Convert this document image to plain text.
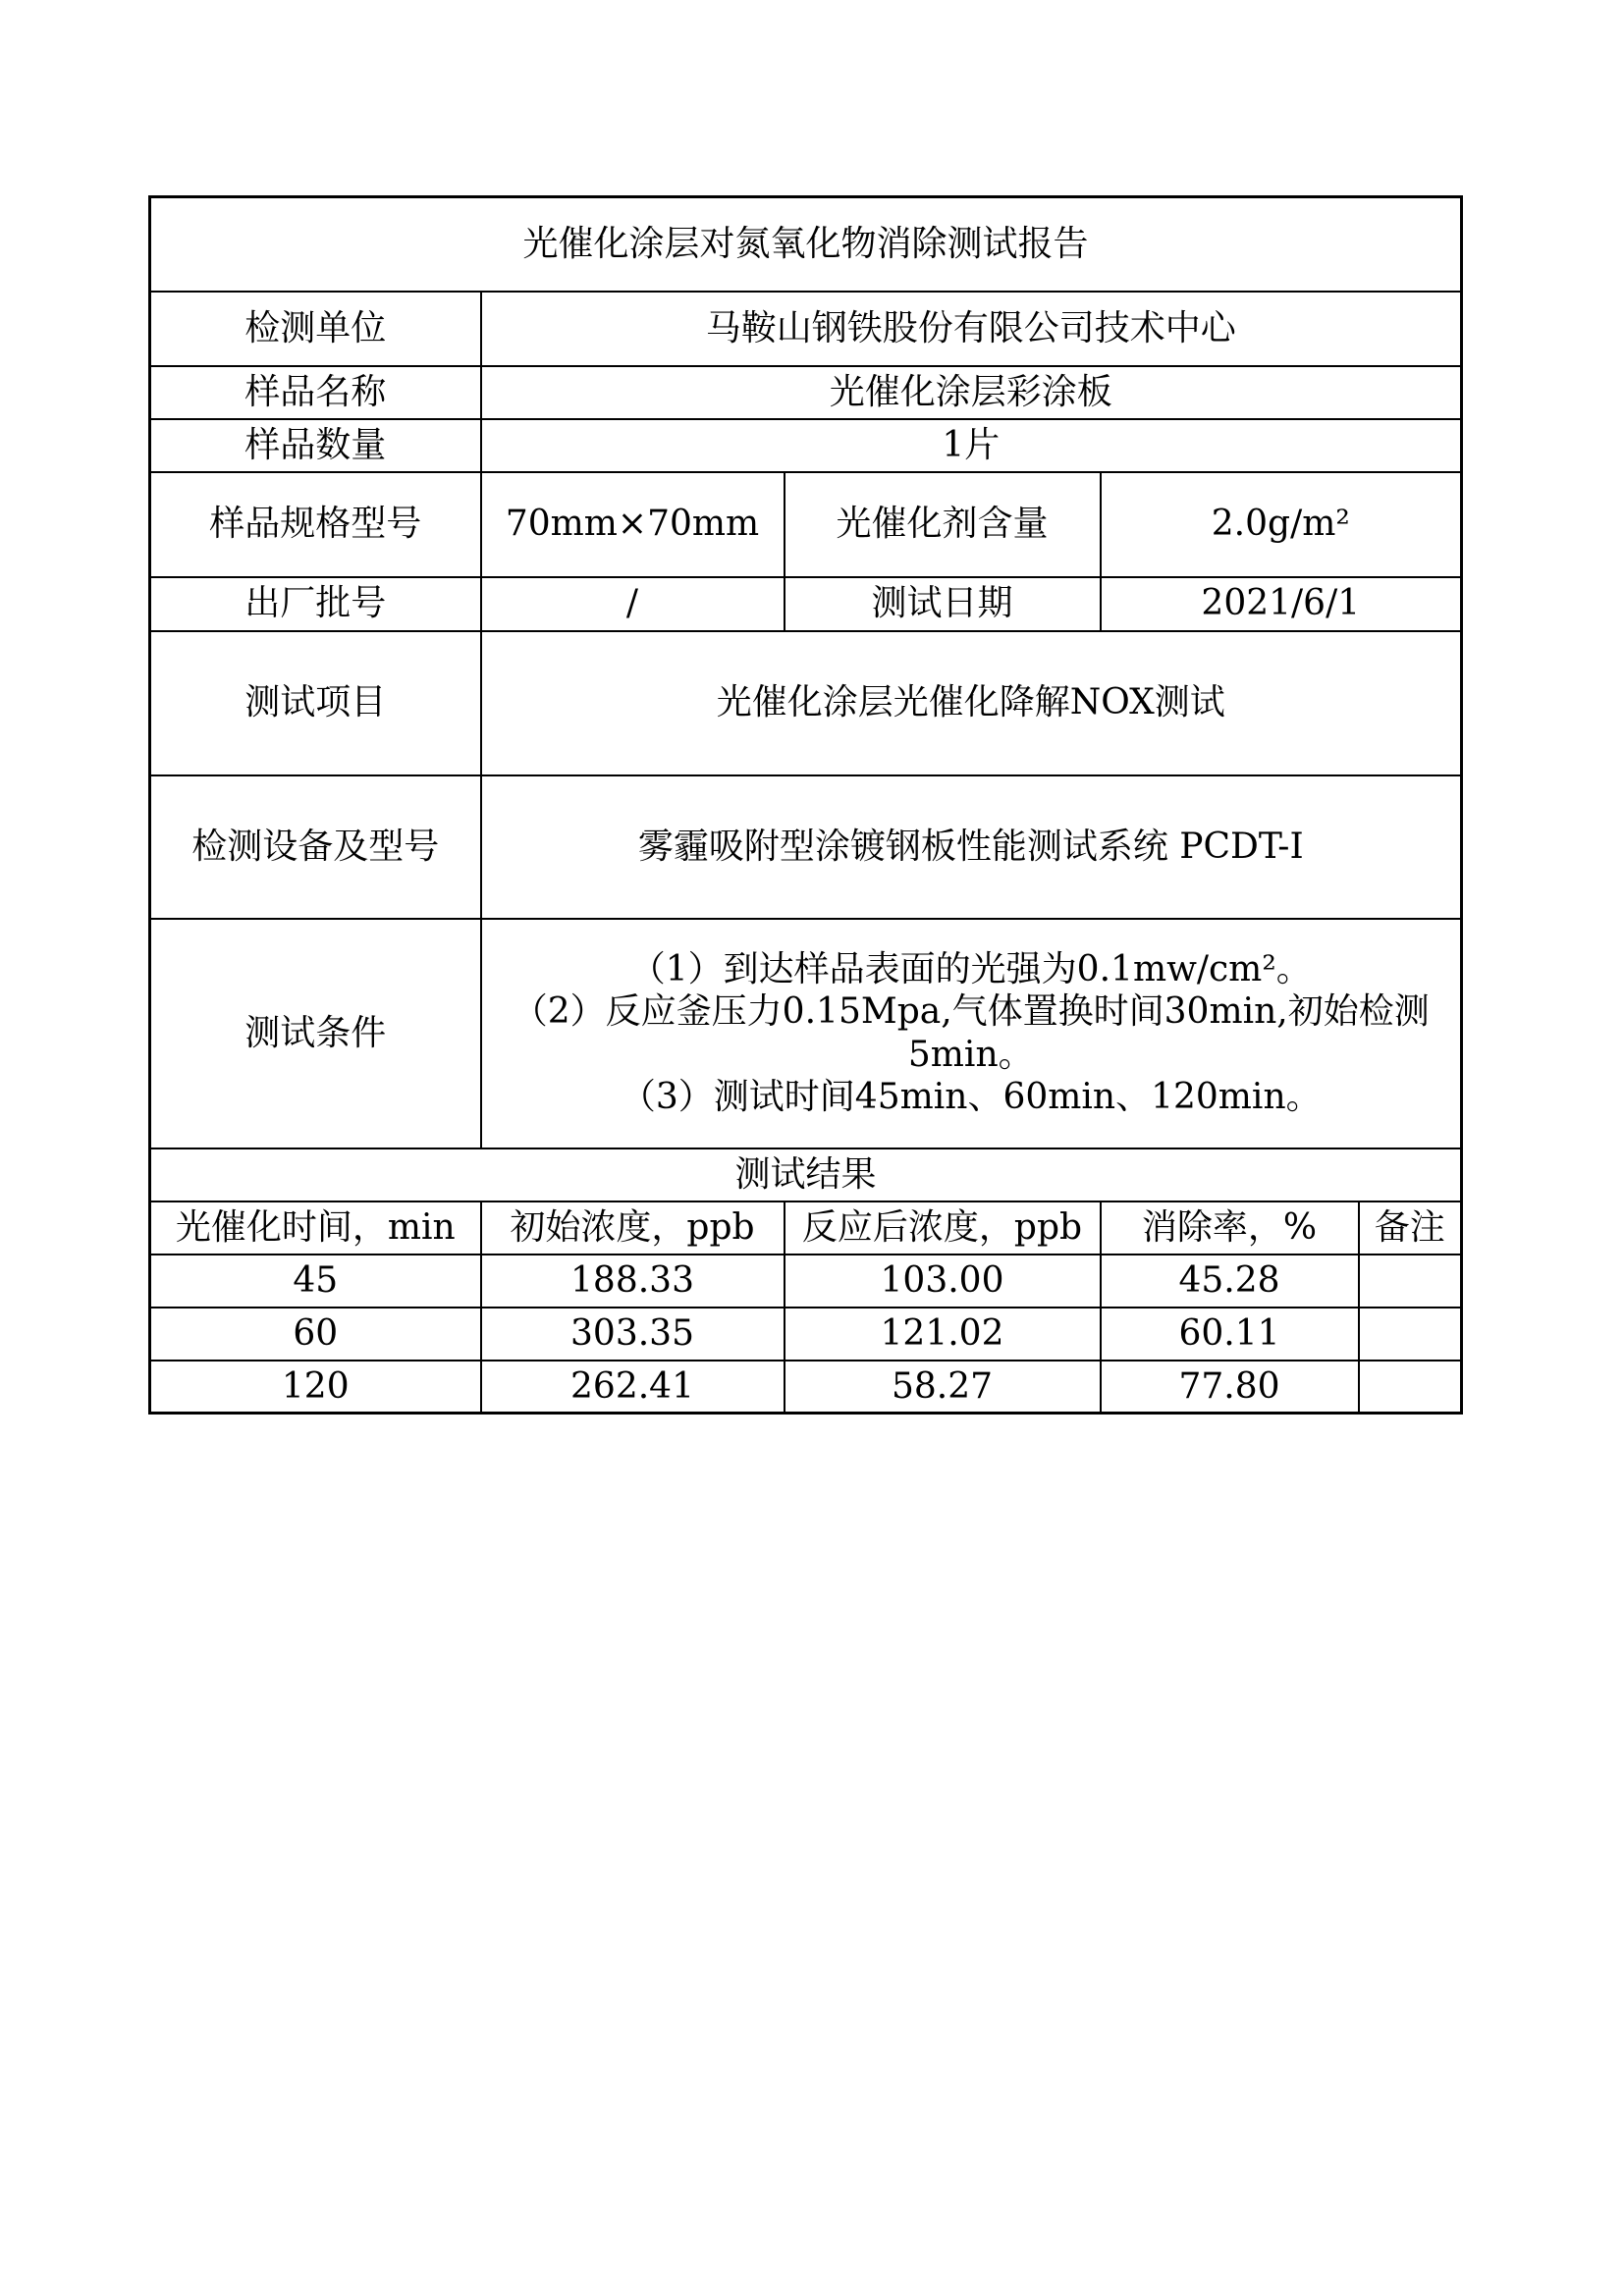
光催化涂层对氮氧化物消除测试报告				
检测单位	马鞍山钢铁股份有限公司技术中心			
样品名称	光催化涂层彩涂板			
样品数量	1片			
样品规格型号	70mm×70mm	光催化剂含量	2.0g/m²	
出厂批号	/	测试日期	2021/6/1	
测试项目	光催化涂层光催化降解NOX测试			
检测设备及型号	雾霾吸附型涂镀钢板性能测试系统 PCDT-I			
测试条件	（1）到达样品表面的光强为0.1mw/cm²。
（2）反应釜压力0.15Mpa,气体置换时间30min,初始检测5min。
（3）测试时间45min、60min、120min。			

测试结果				
光催化时间，min	初始浓度，ppb	反应后浓度，ppb	消除率，%	备注
45	188.33	103.00	45.28	
60	303.35	121.02	60.11	
120	262.41	58.27	77.80	
